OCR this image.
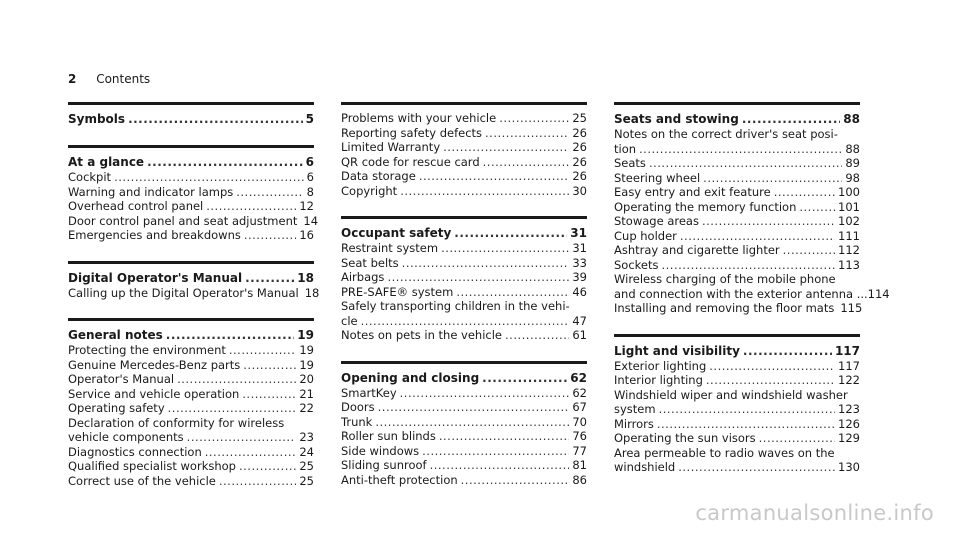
2 Contents
Symbols .....	5
At a glance .....	6
Cockpit .....	6
Warning and indicator lamps .....	8
Overhead control panel .....	12
Door control panel and seat adjustment 14
Emergencies and breakdowns .....	16
Digital Operator's Manual .....	18
Calling up the Digital Operator's Manual 18
General notes .....	19
Protecting the environment .....	19
Genuine Mercedes-Benz parts .....	19
Operator's Manual .....	20
Service and vehicle operation .....	21
Operating safety .....	22
Declaration of conformity for wireless
vehicle components .....	23
Diagnostics connection .....	24
Qualified specialist workshop .....	25
Correct use of the vehicle .....	25
Problems with your vehicle .....	25
Reporting safety defects .....	26
Limited Warranty .....	26
QR code for rescue card .....	26
Data storage .....	26
Copyright .....	30
Occupant safety .....	31
Restraint system .....	31
Seat belts .....	33
Airbags .....	39
PRE-SAFE® system .....	46
Safely transporting children in the vehi-
cle .....	47
Notes on pets in the vehicle .....	61
Opening and closing .....	62
SmartKey .....	62
Doors .....	67
Trunk .....	70
Roller sun blinds .....	76
Side windows .....	77
Sliding sunroof .....	81
Anti-theft protection .....	86
Seats and stowing .....	88
Notes on the correct driver's seat posi-
tion .....	88
Seats .....	89
Steering wheel .....	98
Easy entry and exit feature .....	100
Operating the memory function .....	101
Stowage areas .....	102
Cup holder .....	111
Ashtray and cigarette lighter .....	112
Sockets .....	113
Wireless charging of the mobile phone
and connection with the exterior antenna ... 114
Installing and removing the floor mats 115
Light and visibility .....	117
Exterior lighting .....	117
Interior lighting .....	122
Windshield wiper and windshield washer
system .....	123
Mirrors .....	126
Operating the sun visors .....	129
Area permeable to radio waves on the
windshield .....	130
carmanualsonline.info
